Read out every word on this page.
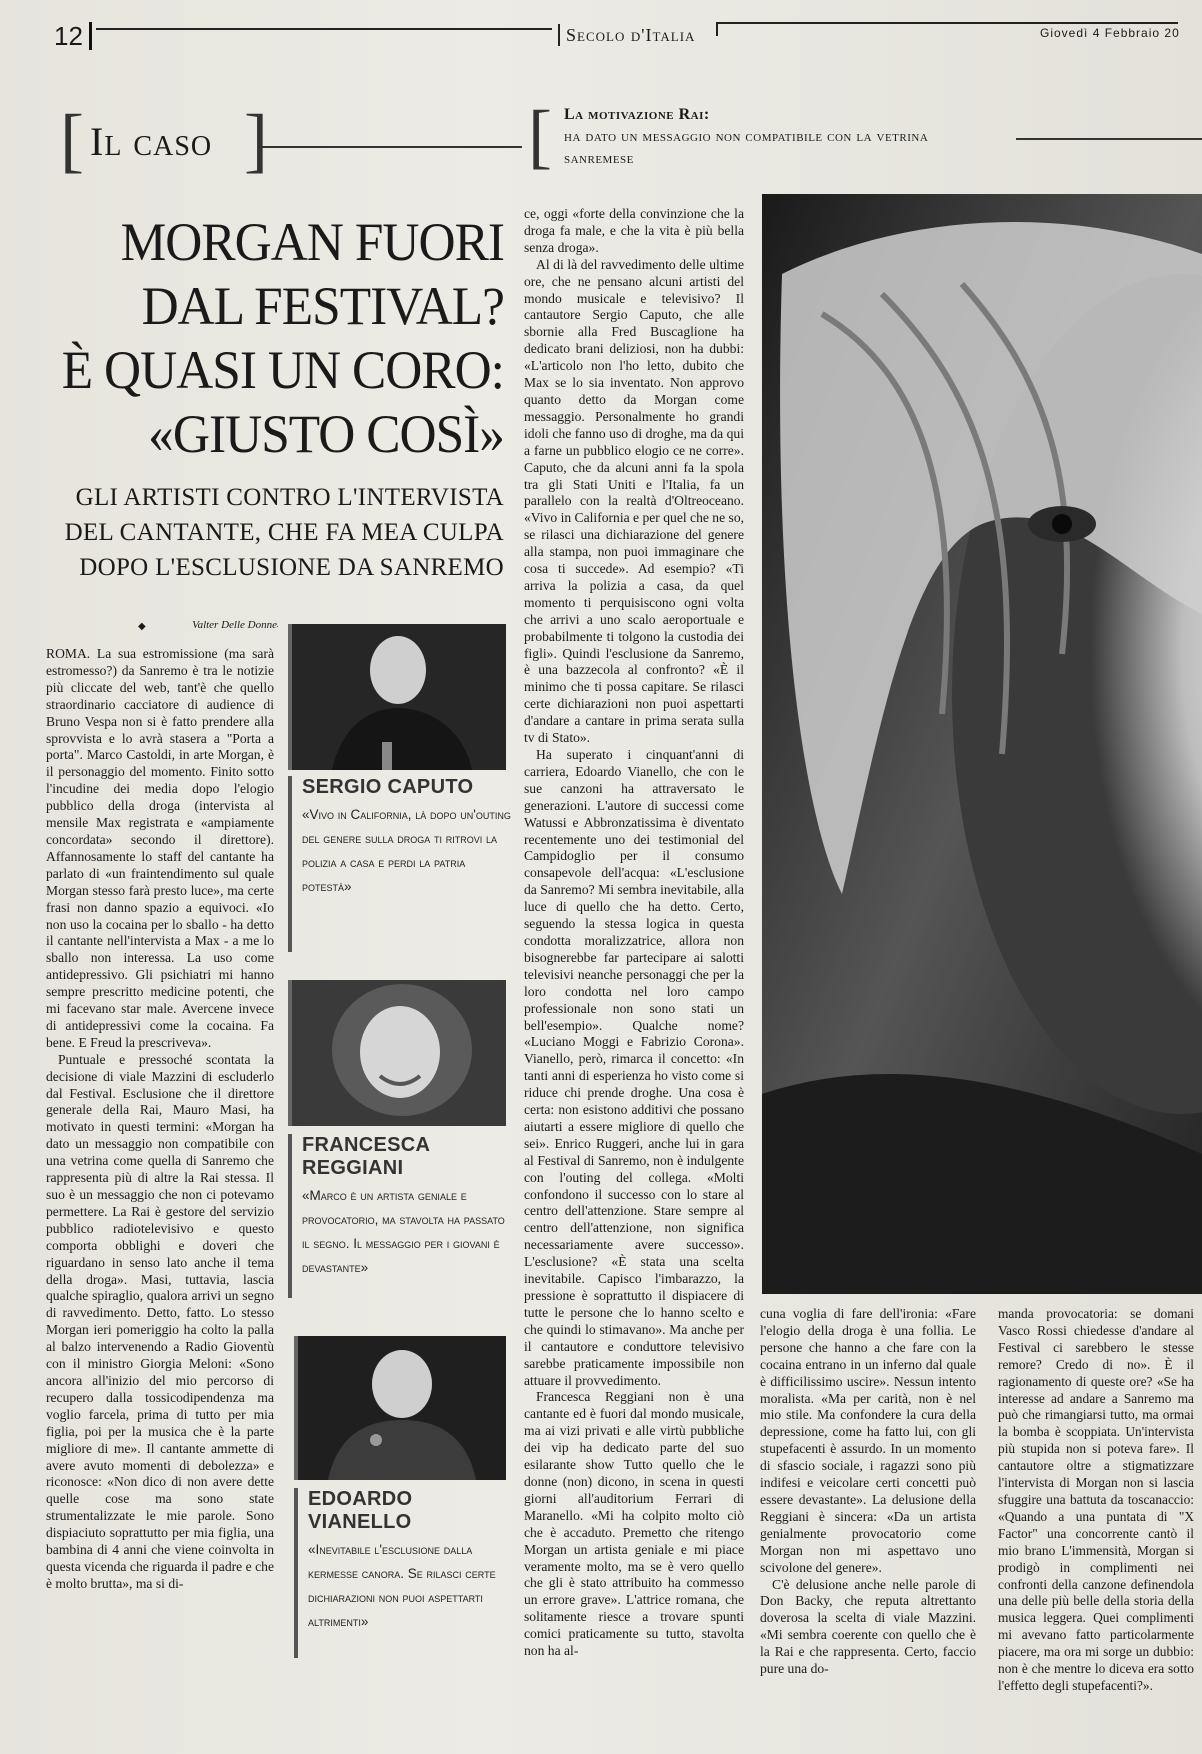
12	Secolo d'Italia	Giovedì 4 Febbraio 20
[ Il caso ]	[ La motivazione Rai:
ha dato un messaggio non compatibile con la vetrina sanremese
MORGAN FUORI
DAL FESTIVAL?
È QUASI UN CORO:
«GIUSTO COSÌ»
GLI ARTISTI CONTRO L'INTERVISTA DEL CANTANTE, CHE FA MEA CULPA DOPO L'ESCLUSIONE DA SANREMO
◆	Valter Delle Donne

ROMA. La sua estromissione (ma sarà estromesso?) da Sanremo è tra le notizie più cliccate del web, tant'è che quello straordinario cacciatore di audience di Bruno Vespa non si è fatto prendere alla sprovvista e lo avrà stasera a "Porta a porta". Marco Castoldi, in arte Morgan, è il personaggio del momento. Finito sotto l'incudine dei media dopo l'elogio pubblico della droga (intervista al mensile Max registrata e «ampiamente concordata» secondo il direttore). Affannosamente lo staff del cantante ha parlato di «un fraintendimento sul quale Morgan stesso farà presto luce», ma certe frasi non danno spazio a equivoci. «Io non uso la cocaina per lo sballo - ha detto il cantante nell'intervista a Max - a me lo sballo non interessa. La uso come antidepressivo. Gli psichiatri mi hanno sempre prescritto medicine potenti, che mi facevano star male. Avercene invece di antidepressivi come la cocaina. Fa bene. E Freud la prescriveva».

Puntuale e pressoché scontata la decisione di viale Mazzini di escluderlo dal Festival. Esclusione che il direttore generale della Rai, Mauro Masi, ha motivato in questi termini: «Morgan ha dato un messaggio non compatibile con una vetrina come quella di Sanremo che rappresenta più di altre la Rai stessa. Il suo è un messaggio che non ci potevamo permettere. La Rai è gestore del servizio pubblico radiotelevisivo e questo comporta obblighi e doveri che riguardano in senso lato anche il tema della droga». Masi, tuttavia, lascia qualche spiraglio, qualora arrivi un segno di ravvedimento. Detto, fatto. Lo stesso Morgan ieri pomeriggio ha colto la palla al balzo intervenendo a Radio Gioventù con il ministro Giorgia Meloni: «Sono ancora all'inizio del mio percorso di recupero dalla tossicodipendenza ma voglio farcela, prima di tutto per mia figlia, poi per la musica che è la parte migliore di me». Il cantante ammette di avere avuto momenti di debolezza» e riconosce: «Non dico di non avere dette quelle cose ma sono state strumentalizzate le mie parole. Sono dispiaciuto soprattutto per mia figlia, una bambina di 4 anni che viene coinvolta in questa vicenda che riguarda il padre e che è molto brutta», ma si di-

SERGIO CAPUTO
«Vivo in California, là dopo un'outing del genere sulla droga ti ritrovi la polizia a casa e perdi la patria potestà»
FRANCESCA REGGIANI
«Marco è un artista geniale e provocatorio, ma stavolta ha passato il segno. Il messaggio per i giovani è devastante»
EDOARDO VIANELLO
«Inevitabile l'esclusione dalla kermesse canora. Se rilasci certe dichiarazioni non puoi aspettarti altrimenti»

ce, oggi «forte della convinzione che la droga fa male, e che la vita è più bella senza droga».

Al di là del ravvedimento delle ultime ore, che ne pensano alcuni artisti del mondo musicale e televisivo? Il cantautore Sergio Caputo, che alle sbornie alla Fred Buscaglione ha dedicato brani deliziosi, non ha dubbi: «L'articolo non l'ho letto, dubito che Max se lo sia inventato. Non approvo quanto detto da Morgan come messaggio. Personalmente ho grandi idoli che fanno uso di droghe, ma da qui a farne un pubblico elogio ce ne corre». Caputo, che da alcuni anni fa la spola tra gli Stati Uniti e l'Italia, fa un parallelo con la realtà d'Oltreoceano. «Vivo in California e per quel che ne so, se rilasci una dichiarazione del genere alla stampa, non puoi immaginare che cosa ti succede». Ad esempio? «Ti arriva la polizia a casa, da quel momento ti perquisiscono ogni volta che arrivi a uno scalo aeroportuale e probabilmente ti tolgono la custodia dei figli». Quindi l'esclusione da Sanremo, è una bazzecola al confronto? «È il minimo che ti possa capitare. Se rilasci certe dichiarazioni non puoi aspettarti d'andare a cantare in prima serata sulla tv di Stato».

Ha superato i cinquant'anni di carriera, Edoardo Vianello, che con le sue canzoni ha attraversato le generazioni. L'autore di successi come Watussi e Abbronzatissima è diventato recentemente uno dei testimonial del Campidoglio per il consumo consapevole dell'acqua: «L'esclusione da Sanremo? Mi sembra inevitabile, alla luce di quello che ha detto. Certo, seguendo la stessa logica in questa condotta moralizzatrice, allora non bisognerebbe far partecipare ai salotti televisivi neanche personaggi che per la loro condotta nel loro campo professionale non sono stati un bell'esempio». Qualche nome? «Luciano Moggi e Fabrizio Corona». Vianello, però, rimarca il concetto: «In tanti anni di esperienza ho visto come si riduce chi prende droghe. Una cosa è certa: non esistono additivi che possano aiutarti a essere migliore di quello che sei». Enrico Ruggeri, anche lui in gara al Festival di Sanremo, non è indulgente con l'outing del collega. «Molti confondono il successo con lo stare al centro dell'attenzione. Stare sempre al centro dell'attenzione, non significa necessariamente avere successo». L'esclusione? «È stata una scelta inevitabile. Capisco l'imbarazzo, la pressione è soprattutto il dispiacere di tutte le persone che lo hanno scelto e che quindi lo stimavano». Ma anche per il cantautore e conduttore televisivo sarebbe praticamente impossibile non attuare il provvedimento.

Francesca Reggiani non è una cantante ed è fuori dal mondo musicale, ma ai vizi privati e alle virtù pubbliche dei vip ha dedicato parte del suo esilarante show Tutto quello che le donne (non) dicono, in scena in questi giorni all'auditorium Ferrari di Maranello. «Mi ha colpito molto ciò che è accaduto. Premetto che ritengo Morgan un artista geniale e mi piace veramente molto, ma se è vero quello che gli è stato attribuito ha commesso un errore grave». L'attrice romana, che solitamente riesce a trovare spunti comici praticamente su tutto, stavolta non ha al-

cuna voglia di fare dell'ironia: «Fare l'elogio della droga è una follia. Le persone che hanno a che fare con la cocaina entrano in un inferno dal quale è difficilissimo uscire». Nessun intento moralista. «Ma per carità, non è nel mio stile. Ma confondere la cura della depressione, come ha fatto lui, con gli stupefacenti è assurdo. In un momento di sfascio sociale, i ragazzi sono più indifesi e veicolare certi concetti può essere devastante». La delusione della Reggiani è sincera: «Da un artista genialmente provocatorio come Morgan non mi aspettavo uno scivolone del genere».

C'è delusione anche nelle parole di Don Backy, che reputa altrettanto doverosa la scelta di viale Mazzini. «Mi sembra coerente con quello che è la Rai e che rappresenta. Certo, faccio pure una do-

manda provocatoria: se domani Vasco Rossi chiedesse d'andare al Festival ci sarebbero le stesse remore? Credo di no». È il ragionamento di queste ore? «Se ha interesse ad andare a Sanremo ma può che rimangiarsi tutto, ma ormai la bomba è scoppiata. Un'intervista più stupida non si poteva fare». Il cantautore oltre a stigmatizzare l'intervista di Morgan non si lascia sfuggire una battuta da toscanaccio: «Quando a una puntata di "X Factor" una concorrente cantò il mio brano L'immensità, Morgan si prodigò in complimenti nei confronti della canzone definendola una delle più belle della storia della musica leggera. Quei complimenti mi avevano fatto particolarmente piacere, ma ora mi sorge un dubbio: non è che mentre lo diceva era sotto l'effetto degli stupefacenti?».
